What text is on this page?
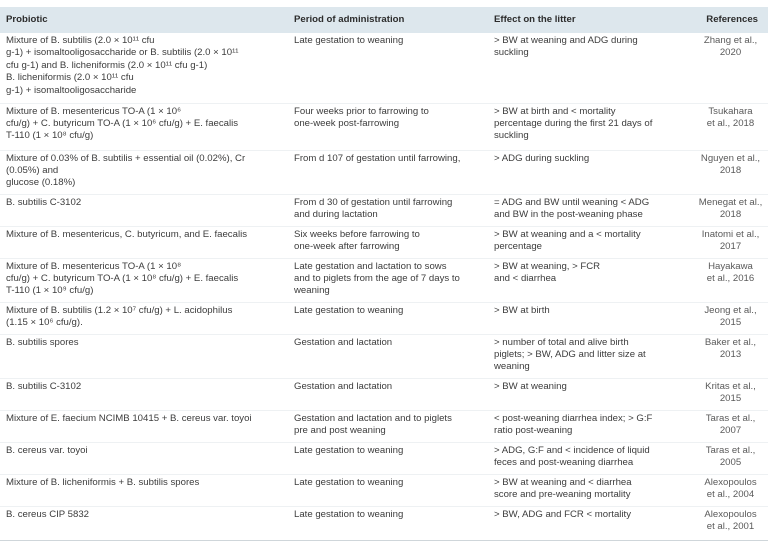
Probiotic	Period of administration	Effect on the litter	References
Mixture of B. subtilis (2.0 × 10¹¹ cfu
g-1) + isomaltooligosaccharide or B. subtilis (2.0 × 10¹¹
cfu g-1) and B. licheniformis (2.0 × 10¹¹ cfu g-1)
B. licheniformis (2.0 × 10¹¹ cfu
g-1) + isomaltooligosaccharide	Late gestation to weaning	> BW at weaning and ADG during
suckling	Zhang et al.,
2020
Mixture of B. mesentericus TO-A (1 × 10⁶
cfu/g) + C. butyricum TO-A (1 × 10⁶ cfu/g) + E. faecalis
T-110 (1 × 10⁸ cfu/g)	Four weeks prior to farrowing to
one-week post-farrowing	> BW at birth and < mortality
percentage during the first 21 days of
suckling	Tsukahara
et al., 2018
Mixture of 0.03% of B. subtilis + essential oil (0.02%), Cr
(0.05%) and
glucose (0.18%)	From d 107 of gestation until farrowing,	> ADG during suckling	Nguyen et al.,
2018
B. subtilis C-3102	From d 30 of gestation until farrowing
and during lactation	= ADG and BW until weaning < ADG
and BW in the post-weaning phase	Menegat et al.,
2018
Mixture of B. mesentericus, C. butyricum, and E. faecalis	Six weeks before farrowing to
one-week after farrowing	> BW at weaning and a < mortality
percentage	Inatomi et al.,
2017
Mixture of B. mesentericus TO-A (1 × 10⁸
cfu/g) + C. butyricum TO-A (1 × 10⁸ cfu/g) + E. faecalis
T-110 (1 × 10⁹ cfu/g)	Late gestation and lactation to sows
and to piglets from the age of 7 days to
weaning	> BW at weaning, > FCR
and < diarrhea	Hayakawa
et al., 2016
Mixture of B. subtilis (1.2 × 10⁷ cfu/g) + L. acidophilus
(1.15 × 10⁶ cfu/g).	Late gestation to weaning	> BW at birth	Jeong et al.,
2015
B. subtilis spores	Gestation and lactation	> number of total and alive birth
piglets; > BW, ADG and litter size at
weaning	Baker et al.,
2013
B. subtilis C-3102	Gestation and lactation	> BW at weaning	Kritas et al.,
2015
Mixture of E. faecium NCIMB 10415 + B. cereus var. toyoi	Gestation and lactation and to piglets
pre and post weaning	< post-weaning diarrhea index; > G:F
ratio post-weaning	Taras et al.,
2007
B. cereus var. toyoi	Late gestation to weaning	> ADG, G:F and < incidence of liquid
feces and post-weaning diarrhea	Taras et al.,
2005
Mixture of B. licheniformis + B. subtilis spores	Late gestation to weaning	> BW at weaning and < diarrhea
score and pre-weaning mortality	Alexopoulos
et al., 2004
B. cereus CIP 5832	Late gestation to weaning	> BW, ADG and FCR < mortality	Alexopoulos
et al., 2001
